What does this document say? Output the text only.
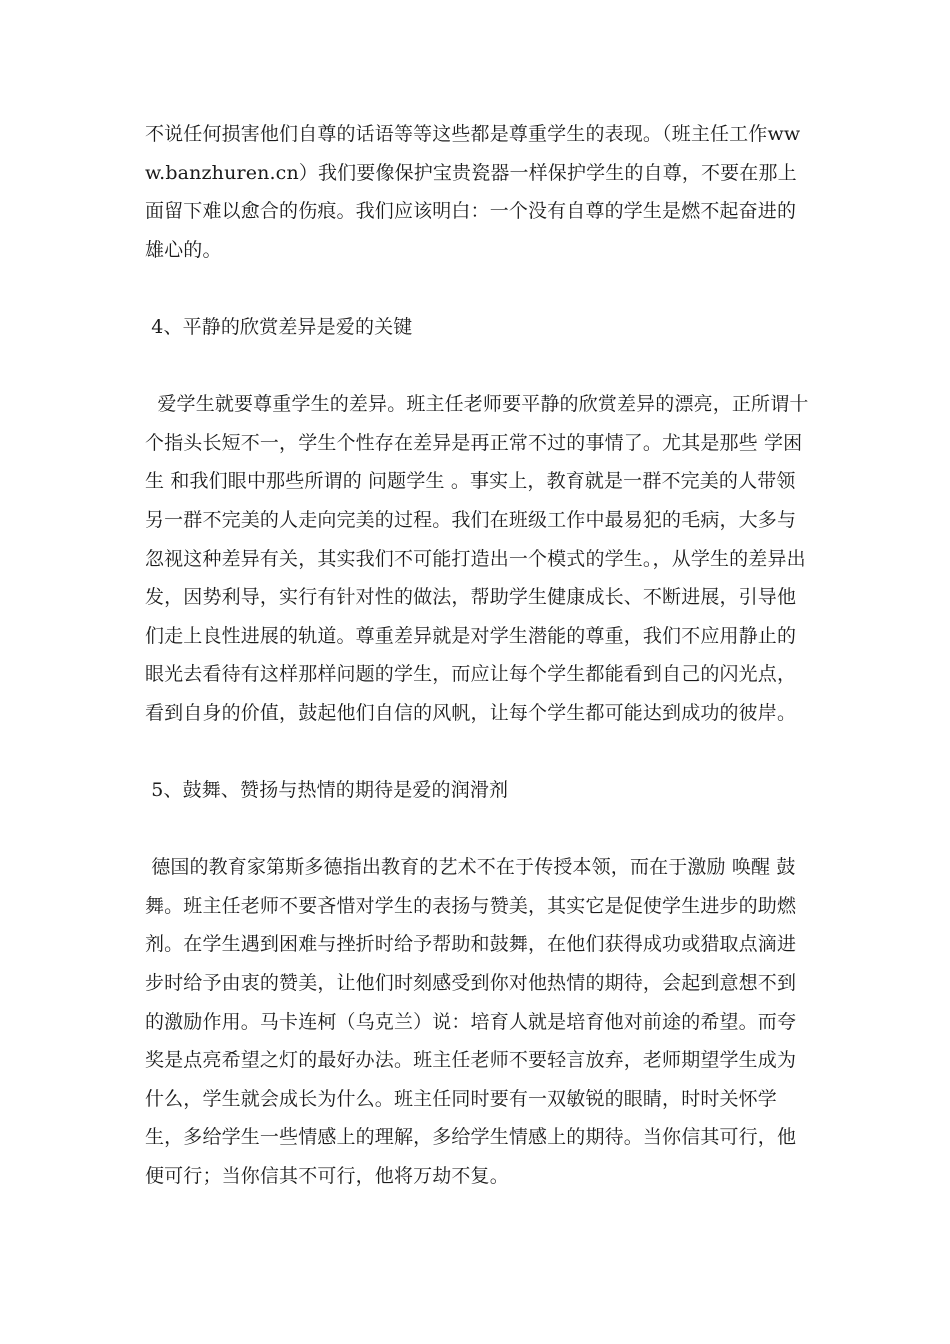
不说任何损害他们自尊的话语等等这些都是尊重学生的表现。（班主任工作www.banzhuren.cn）我们要像保护宝贵瓷器一样保护学生的自尊，不要在那上面留下难以愈合的伤痕。我们应该明白：一个没有自尊的学生是燃不起奋进的雄心的。

4、平静的欣赏差异是爱的关键

爱学生就要尊重学生的差异。班主任老师要平静的欣赏差异的漂亮，正所谓十个指头长短不一，学生个性存在差异是再正常不过的事情了。尤其是那些 学困生 和我们眼中那些所谓的 问题学生 。事实上，教育就是一群不完美的人带领另一群不完美的人走向完美的过程。我们在班级工作中最易犯的毛病，大多与忽视这种差异有关，其实我们不可能打造出一个模式的学生。，从学生的差异出发，因势利导，实行有针对性的做法，帮助学生健康成长、不断进展，引导他们走上良性进展的轨道。尊重差异就是对学生潜能的尊重，我们不应用静止的眼光去看待有这样那样问题的学生，而应让每个学生都能看到自己的闪光点，看到自身的价值，鼓起他们自信的风帆，让每个学生都可能达到成功的彼岸。

5、鼓舞、赞扬与热情的期待是爱的润滑剂

德国的教育家第斯多德指出教育的艺术不在于传授本领，而在于激励 唤醒 鼓舞。班主任老师不要吝惜对学生的表扬与赞美，其实它是促使学生进步的助燃剂。在学生遇到困难与挫折时给予帮助和鼓舞，在他们获得成功或猎取点滴进步时给予由衷的赞美，让他们时刻感受到你对他热情的期待，会起到意想不到的激励作用。马卡连柯（乌克兰）说：培育人就是培育他对前途的希望。而夸奖是点亮希望之灯的最好办法。班主任老师不要轻言放弃，老师期望学生成为什么，学生就会成长为什么。班主任同时要有一双敏锐的眼睛，时时关怀学生，多给学生一些情感上的理解，多给学生情感上的期待。当你信其可行，他便可行；当你信其不可行，他将万劫不复。
